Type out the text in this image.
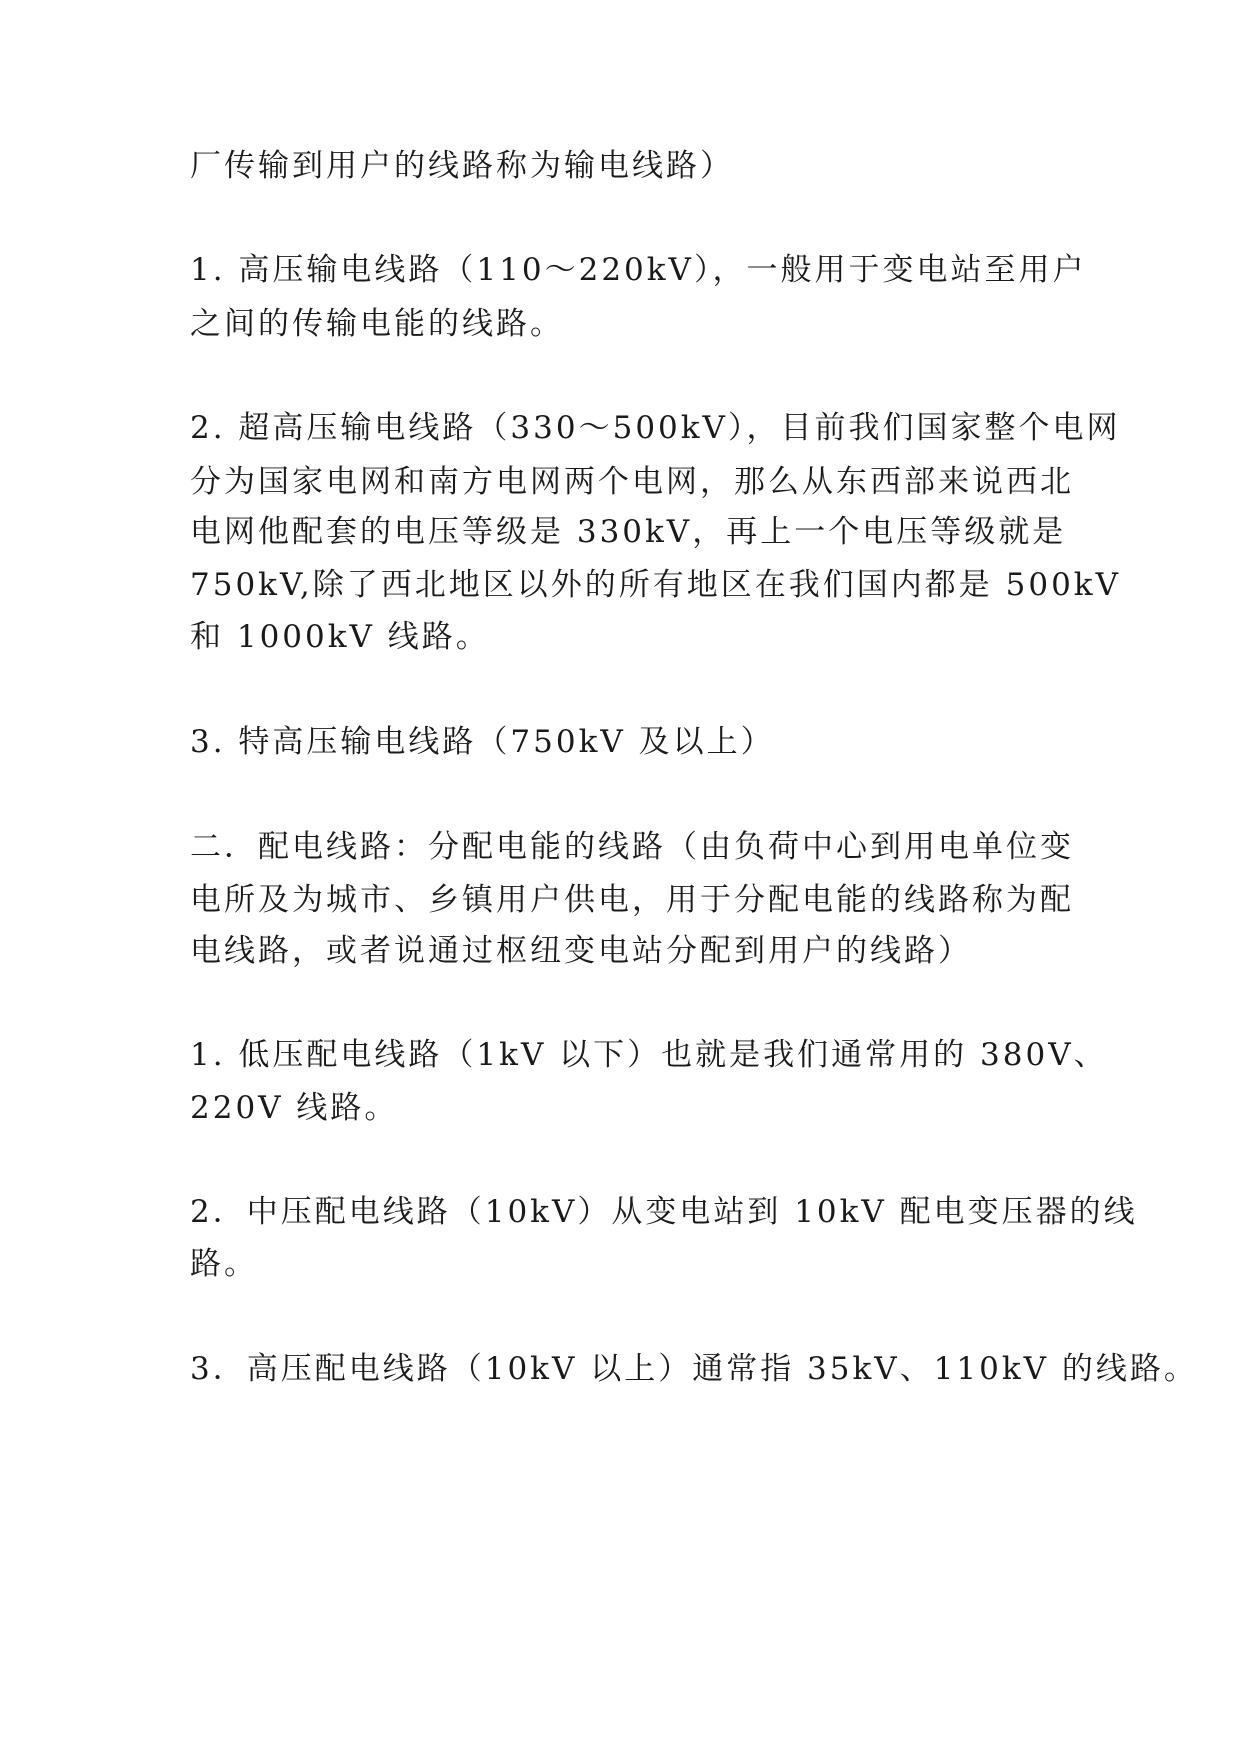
厂传输到用户的线路称为输电线路）
1. 高压输电线路（110～220kV），一般用于变电站至用户
之间的传输电能的线路。
2. 超高压输电线路（330～500kV），目前我们国家整个电网
分为国家电网和南方电网两个电网，那么从东西部来说西北
电网他配套的电压等级是 330kV，再上一个电压等级就是
750kV,除了西北地区以外的所有地区在我们国内都是 500kV
和 1000kV 线路。
3. 特高压输电线路（750kV 及以上）
二．配电线路：分配电能的线路（由负荷中心到用电单位变
电所及为城市、乡镇用户供电，用于分配电能的线路称为配
电线路，或者说通过枢纽变电站分配到用户的线路）
1. 低压配电线路（1kV 以下）也就是我们通常用的 380V、
220V 线路。
2．中压配电线路（10kV）从变电站到 10kV 配电变压器的线
路。
3．高压配电线路（10kV 以上）通常指 35kV、110kV 的线路。
